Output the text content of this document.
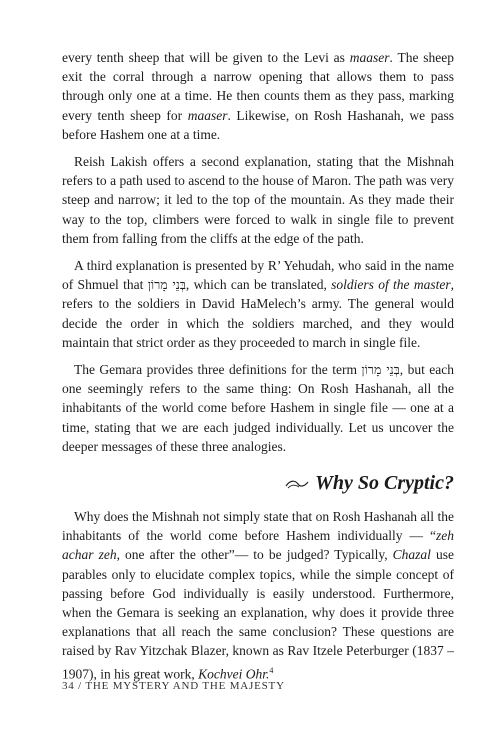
every tenth sheep that will be given to the Levi as maaser. The sheep exit the corral through a narrow opening that allows them to pass through only one at a time. He then counts them as they pass, marking every tenth sheep for maaser. Likewise, on Rosh Hashanah, we pass before Hashem one at a time.

Reish Lakish offers a second explanation, stating that the Mishnah refers to a path used to ascend to the house of Maron. The path was very steep and narrow; it led to the top of the mountain. As they made their way to the top, climbers were forced to walk in single file to prevent them from falling from the cliffs at the edge of the path.

A third explanation is presented by R’ Yehudah, who said in the name of Shmuel that בְּנֵי מָרוֹן, which can be translated, soldiers of the master, refers to the soldiers in David HaMelech’s army. The general would decide the order in which the soldiers marched, and they would maintain that strict order as they proceeded to march in single file.

The Gemara provides three definitions for the term בְּנֵי מָרוֹן, but each one seemingly refers to the same thing: On Rosh Hashanah, all the inhabitants of the world come before Hashem in single file — one at a time, stating that we are each judged individually. Let us uncover the deeper messages of these three analogies.

Why So Cryptic?

Why does the Mishnah not simply state that on Rosh Hashanah all the inhabitants of the world come before Hashem individually — “zeh achar zeh, one after the other”— to be judged? Typically, Chazal use parables only to elucidate complex topics, while the simple concept of passing before God individually is easily understood. Furthermore, when the Gemara is seeking an explanation, why does it provide three explanations that all reach the same conclusion? These questions are raised by Rav Yitzchak Blazer, known as Rav Itzele Peterburger (1837 – 1907), in his great work, Kochvei Ohr.$^4$

34 / THE MYSTERY AND THE MAJESTY
